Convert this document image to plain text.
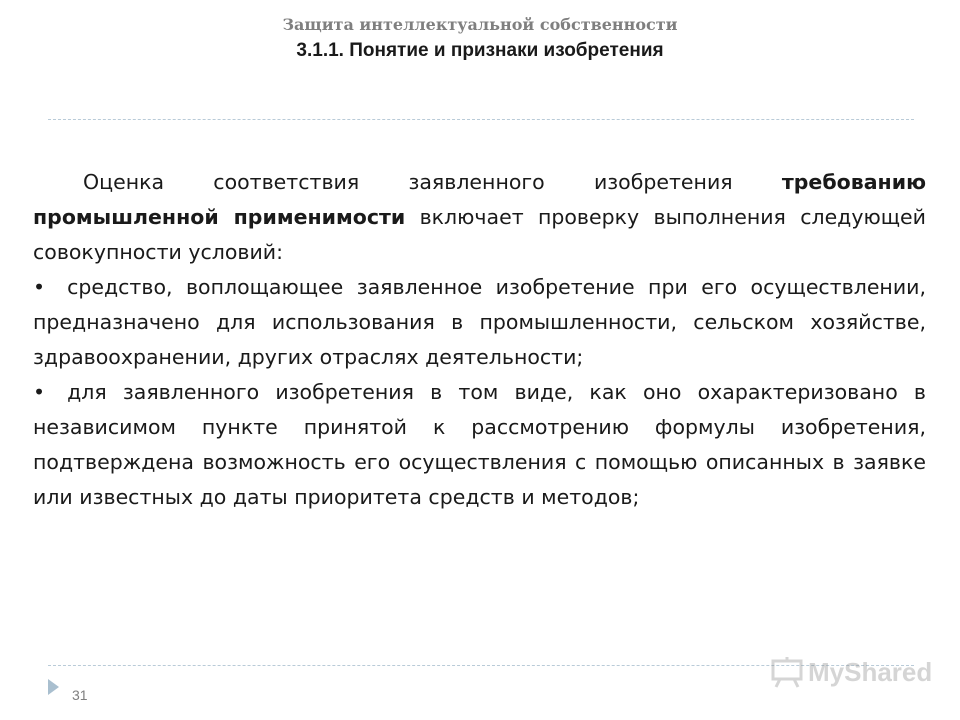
Защита интеллектуальной собственности
3.1.1. Понятие и признаки изобретения

Оценка соответствия заявленного изобретения требованию промышленной применимости включает проверку выполнения следующей совокупности условий:

• средство, воплощающее заявленное изобретение при его осуществлении, предназначено для использования в промышленности, сельском хозяйстве, здравоохранении, других отраслях деятельности;

• для заявленного изобретения в том виде, как оно охарактеризовано в независимом пункте принятой к рассмотрению формулы изобретения, подтверждена возможность его осуществления с помощью описанных в заявке или известных до даты приоритета средств и методов;

31
MyShared
